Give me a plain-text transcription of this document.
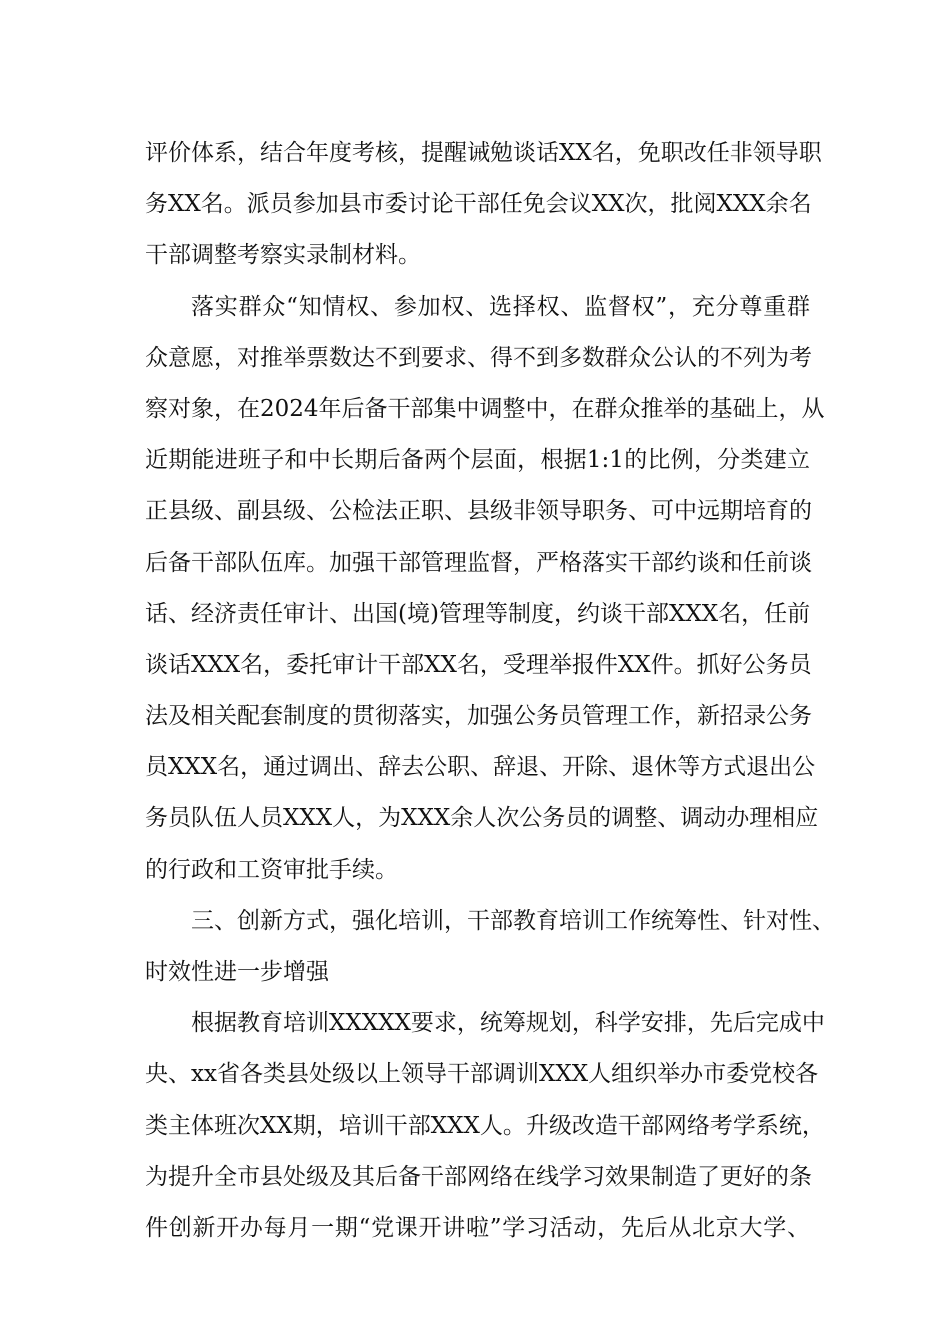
评价体系，结合年度考核，提醒诫勉谈话XX名，免职改任非领导职
务XX名。派员参加县市委讨论干部任免会议XX次，批阅XXX余名
干部调整考察实录制材料。
落实群众“知情权、参加权、选择权、监督权”，充分尊重群
众意愿，对推举票数达不到要求、得不到多数群众公认的不列为考
察对象，在2024年后备干部集中调整中，在群众推举的基础上，从
近期能进班子和中长期后备两个层面，根据1:1的比例，分类建立
正县级、副县级、公检法正职、县级非领导职务、可中远期培育的
后备干部队伍库。加强干部管理监督，严格落实干部约谈和任前谈
话、经济责任审计、出国(境)管理等制度，约谈干部XXX名，任前
谈话XXX名，委托审计干部XX名，受理举报件XX件。抓好公务员
法及相关配套制度的贯彻落实，加强公务员管理工作，新招录公务
员XXX名，通过调出、辞去公职、辞退、开除、退休等方式退出公
务员队伍人员XXX人，为XXX余人次公务员的调整、调动办理相应
的行政和工资审批手续。
三、创新方式，强化培训，干部教育培训工作统筹性、针对性、
时效性进一步增强
根据教育培训XXXXX要求，统筹规划，科学安排，先后完成中
央、xx省各类县处级以上领导干部调训XXX人组织举办市委党校各
类主体班次XX期，培训干部XXX人。升级改造干部网络考学系统，
为提升全市县处级及其后备干部网络在线学习效果制造了更好的条
件创新开办每月一期“党课开讲啦”学习活动，先后从北京大学、
